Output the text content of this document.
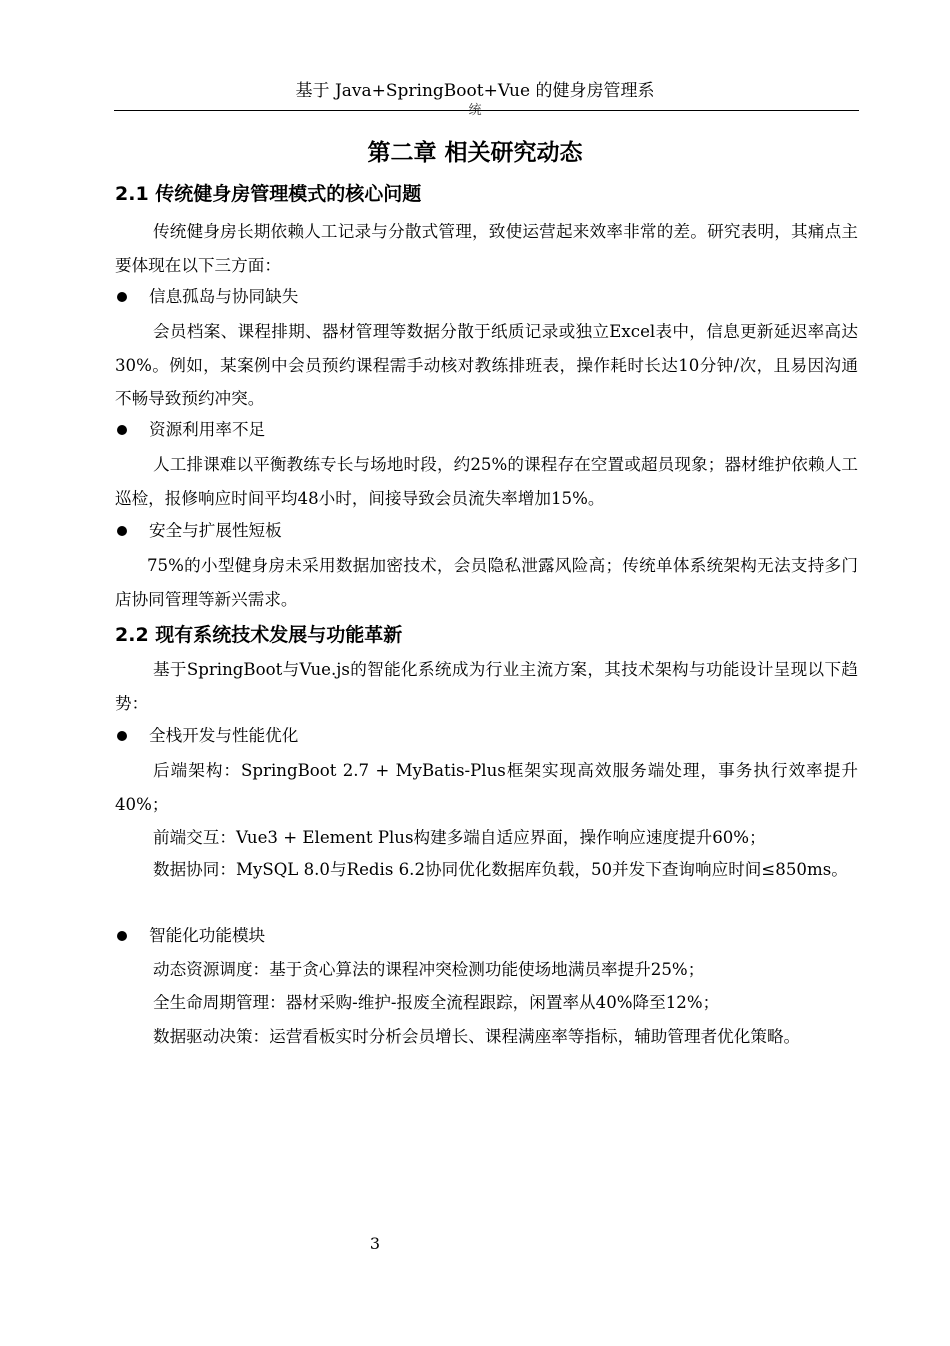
基于 Java+SpringBoot+Vue 的健身房管理系
统
第二章 相关研究动态
2.1 传统健身房管理模式的核心问题
传统健身房长期依赖人工记录与分散式管理，致使运营起来效率非常的差。研究表明，其痛点主要体现在以下三方面：
信息孤岛与协同缺失
会员档案、课程排期、器材管理等数据分散于纸质记录或独立Excel表中，信息更新延迟率高达30%。例如，某案例中会员预约课程需手动核对教练排班表，操作耗时长达10分钟/次，且易因沟通不畅导致预约冲突。
资源利用率不足
人工排课难以平衡教练专长与场地时段，约25%的课程存在空置或超员现象；器材维护依赖人工巡检，报修响应时间平均48小时，间接导致会员流失率增加15%。
安全与扩展性短板
75%的小型健身房未采用数据加密技术，会员隐私泄露风险高；传统单体系统架构无法支持多门店协同管理等新兴需求。
2.2 现有系统技术发展与功能革新
基于SpringBoot与Vue.js的智能化系统成为行业主流方案，其技术架构与功能设计呈现以下趋势：
全栈开发与性能优化
后端架构：SpringBoot 2.7 + MyBatis-Plus框架实现高效服务端处理，事务执行效率提升40%；
前端交互：Vue3 + Element Plus构建多端自适应界面，操作响应速度提升60%；
数据协同：MySQL 8.0与Redis 6.2协同优化数据库负载，50并发下查询响应时间≤850ms。
智能化功能模块
动态资源调度：基于贪心算法的课程冲突检测功能使场地满员率提升25%；
全生命周期管理：器材采购-维护-报废全流程跟踪，闲置率从40%降至12%；
数据驱动决策：运营看板实时分析会员增长、课程满座率等指标，辅助管理者优化策略。
3
